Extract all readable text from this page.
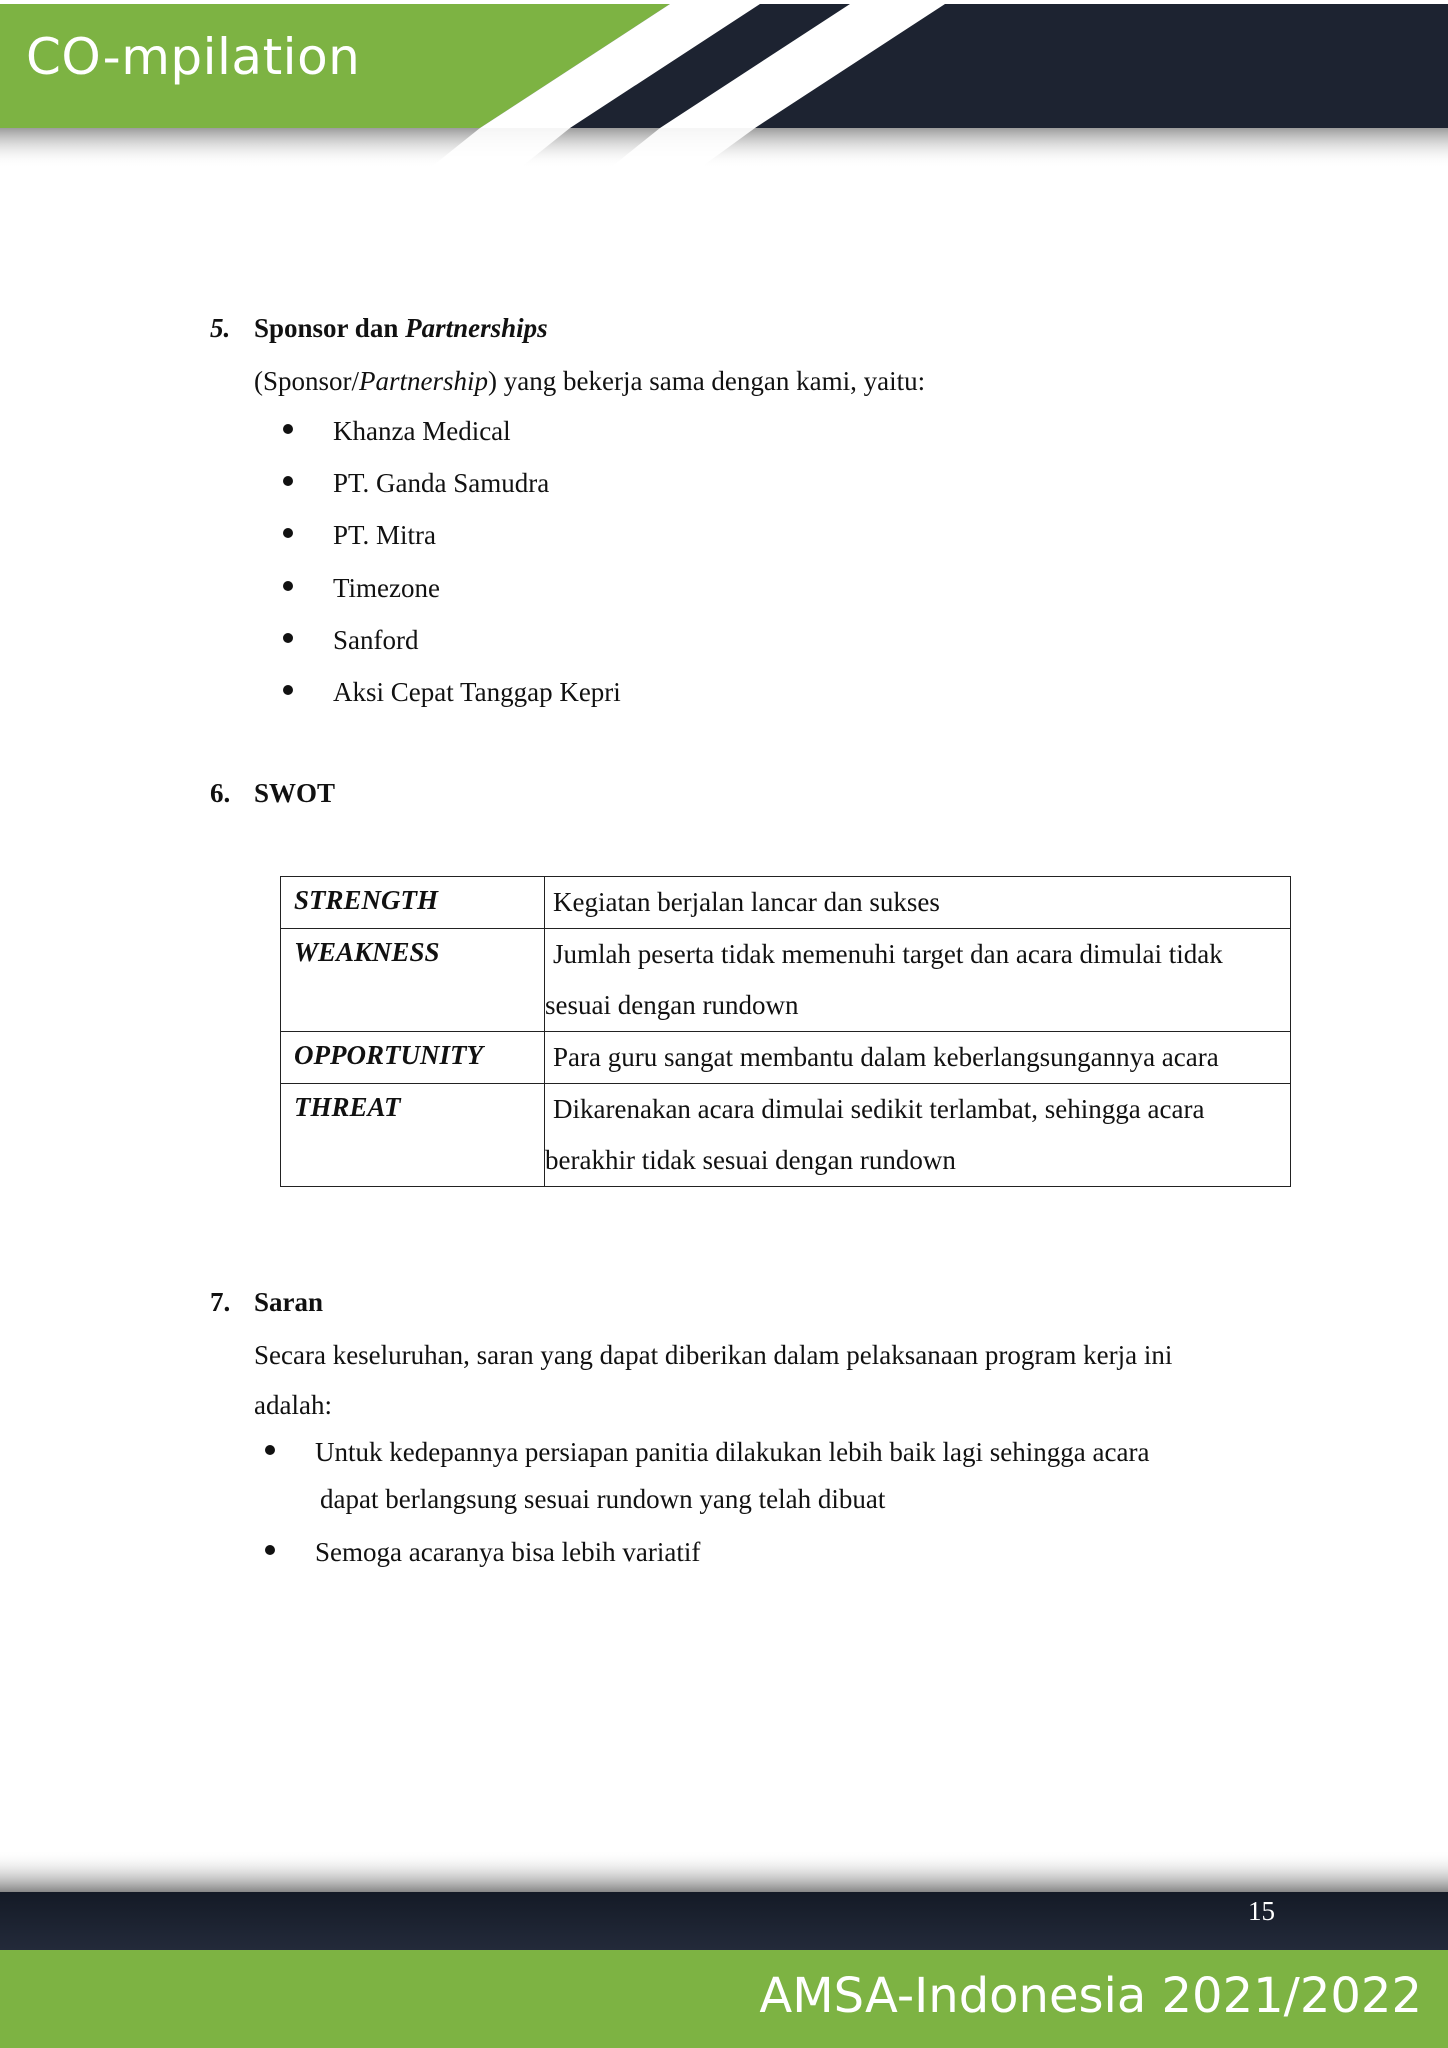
CO-mpilation
5. Sponsor dan Partnerships
(Sponsor/Partnership) yang bekerja sama dengan kami, yaitu:
Khanza Medical
PT. Ganda Samudra
PT. Mitra
Timezone
Sanford
Aksi Cepat Tanggap Kepri
6. SWOT
STRENGTH	Kegiatan berjalan lancar dan sukses
WEAKNESS	Jumlah peserta tidak memenuhi target dan acara dimulai tidak
sesuai dengan rundown

OPPORTUNITY	Para guru sangat membantu dalam keberlangsungannya acara
THREAT	Dikarenakan acara dimulai sedikit terlambat, sehingga acara
berakhir tidak sesuai dengan rundown
7. Saran
Secara keseluruhan, saran yang dapat diberikan dalam pelaksanaan program kerja ini
adalah:
Untuk kedepannya persiapan panitia dilakukan lebih baik lagi sehingga acara
dapat berlangsung sesuai rundown yang telah dibuat
Semoga acaranya bisa lebih variatif
15
AMSA-Indonesia 2021/2022
